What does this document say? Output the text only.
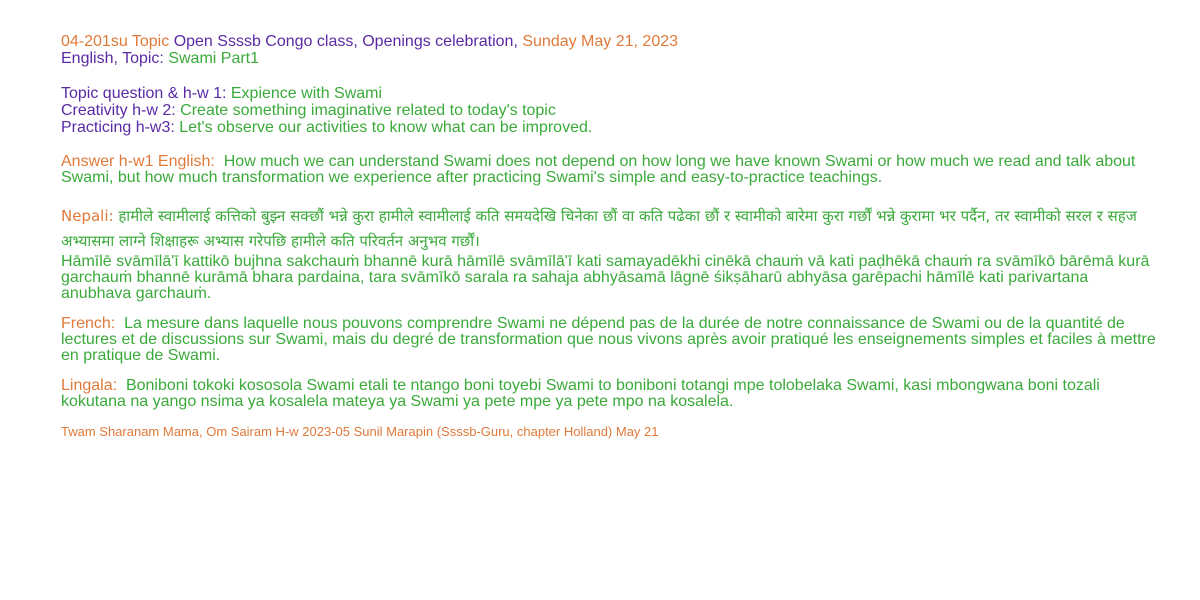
04-201su Topic Open Ssssb Congo class, Openings celebration, Sunday May 21, 2023

English, Topic: Swami Part1

Topic question & h-w 1: Expience with Swami

Creativity h-w 2: Create something imaginative related to today's topic

Practicing h-w3: Let's observe our activities to know what can be improved.

Answer h-w1 English: How much we can understand Swami does not depend on how long we have known Swami or how much we read and talk about Swami, but how much transformation we experience after practicing Swami's simple and easy-to-practice teachings.

Nepali: हामीले स्वामीलाई कत्तिको बुझ्न सक्छौं भन्ने कुरा हामीले स्वामीलाई कति समयदेखि चिनेका छौं वा कति पढेका छौं र स्वामीको बारेमा कुरा गर्छौं भन्ने कुरामा भर पर्दैन, तर स्वामीको सरल र सहज अभ्यासमा लाग्ने शिक्षाहरू अभ्यास गरेपछि हामीले कति परिवर्तन अनुभव गर्छौं।

Hāmīlē svāmīlā'ī kattikō bujhna sakchauṁ bhannē kurā hāmīlē svāmīlā'ī kati samayadēkhi cinēkā chauṁ vā kati paḍhēkā chauṁ ra svāmīkō bārēmā kurā garchauṁ bhannē kurāmā bhara pardaina, tara svāmīkō sarala ra sahaja abhyāsamā lāgnē śikṣāharū abhyāsa garēpachi hāmīlē kati parivartana anubhava garchauṁ.

French: La mesure dans laquelle nous pouvons comprendre Swami ne dépend pas de la durée de notre connaissance de Swami ou de la quantité de lectures et de discussions sur Swami, mais du degré de transformation que nous vivons après avoir pratiqué les enseignements simples et faciles à mettre en pratique de Swami.

Lingala: Boniboni tokoki kososola Swami etali te ntango boni toyebi Swami to boniboni totangi mpe tolobelaka Swami, kasi mbongwana boni tozali kokutana na yango nsima ya kosalela mateya ya Swami ya pete mpe ya pete mpo na kosalela.

Twam Sharanam Mama, Om Sairam H-w 2023-05 Sunil Marapin (Ssssb-Guru, chapter Holland) May 21
